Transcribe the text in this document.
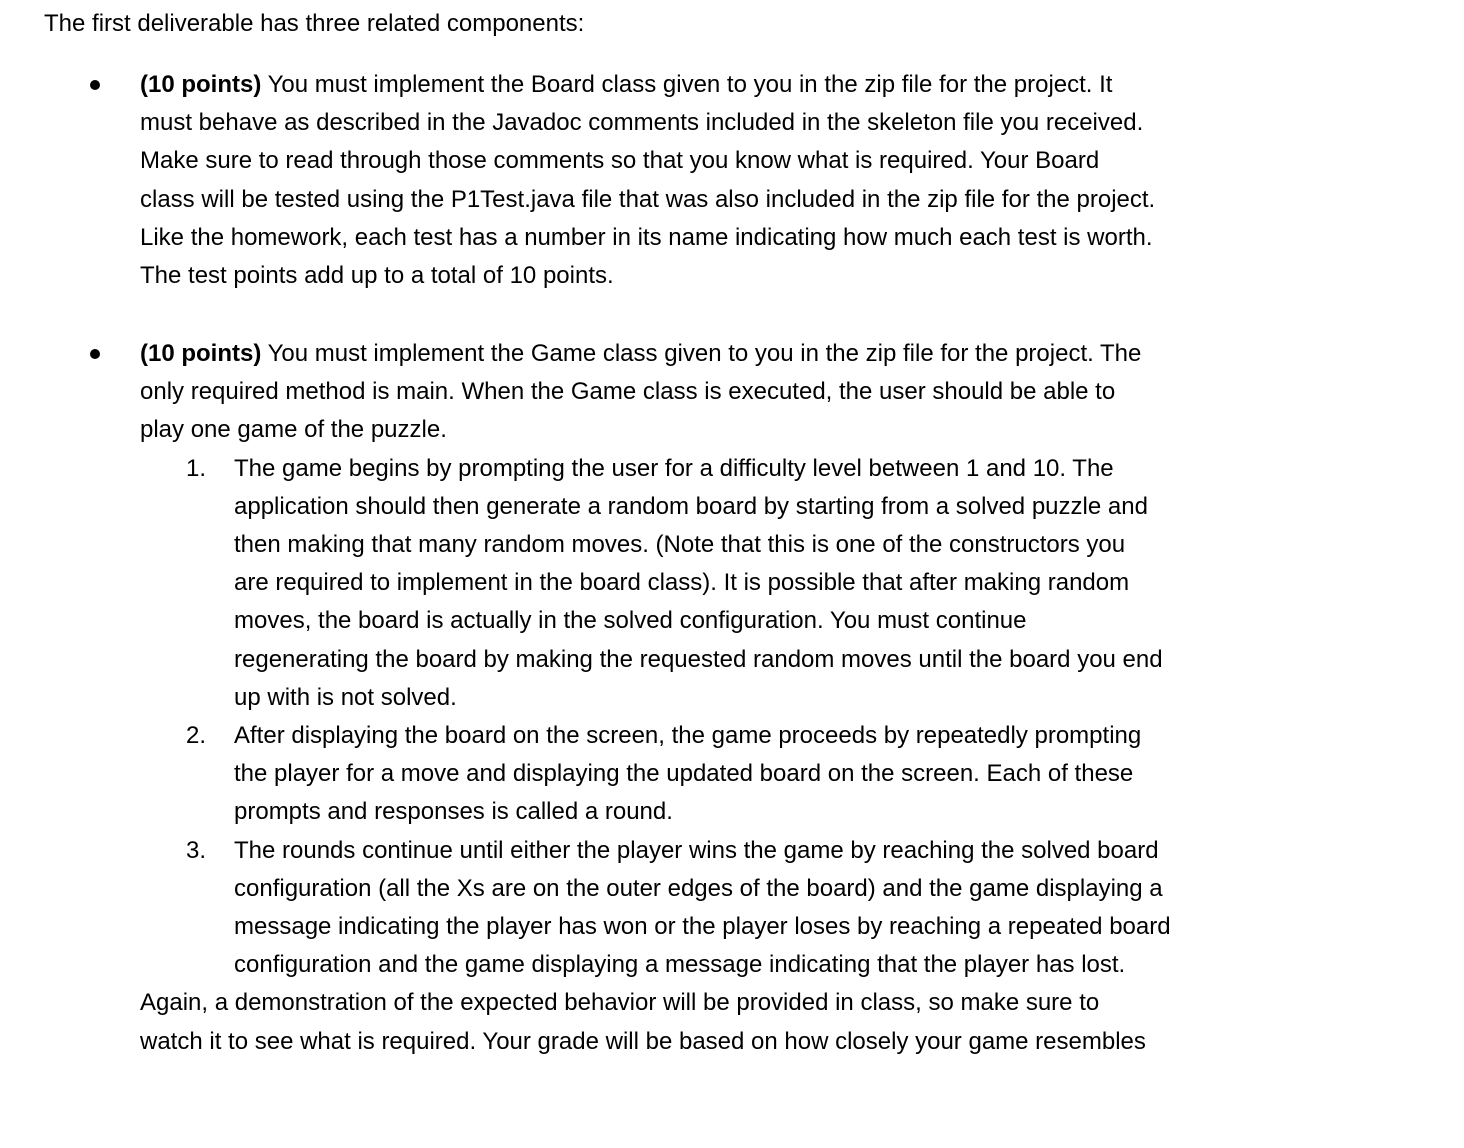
The first deliverable has three related components:
(10 points) You must implement the Board class given to you in the zip file for the project. It
must behave as described in the Javadoc comments included in the skeleton file you received.
Make sure to read through those comments so that you know what is required. Your Board
class will be tested using the P1Test.java file that was also included in the zip file for the project.
Like the homework, each test has a number in its name indicating how much each test is worth.
The test points add up to a total of 10 points.
(10 points) You must implement the Game class given to you in the zip file for the project. The
only required method is main. When the Game class is executed, the user should be able to
play one game of the puzzle.
1. The game begins by prompting the user for a difficulty level between 1 and 10. The
application should then generate a random board by starting from a solved puzzle and
then making that many random moves. (Note that this is one of the constructors you
are required to implement in the board class). It is possible that after making random
moves, the board is actually in the solved configuration. You must continue
regenerating the board by making the requested random moves until the board you end
up with is not solved.
2. After displaying the board on the screen, the game proceeds by repeatedly prompting
the player for a move and displaying the updated board on the screen. Each of these
prompts and responses is called a round.
3. The rounds continue until either the player wins the game by reaching the solved board
configuration (all the Xs are on the outer edges of the board) and the game displaying a
message indicating the player has won or the player loses by reaching a repeated board
configuration and the game displaying a message indicating that the player has lost.
Again, a demonstration of the expected behavior will be provided in class, so make sure to
watch it to see what is required. Your grade will be based on how closely your game resembles
